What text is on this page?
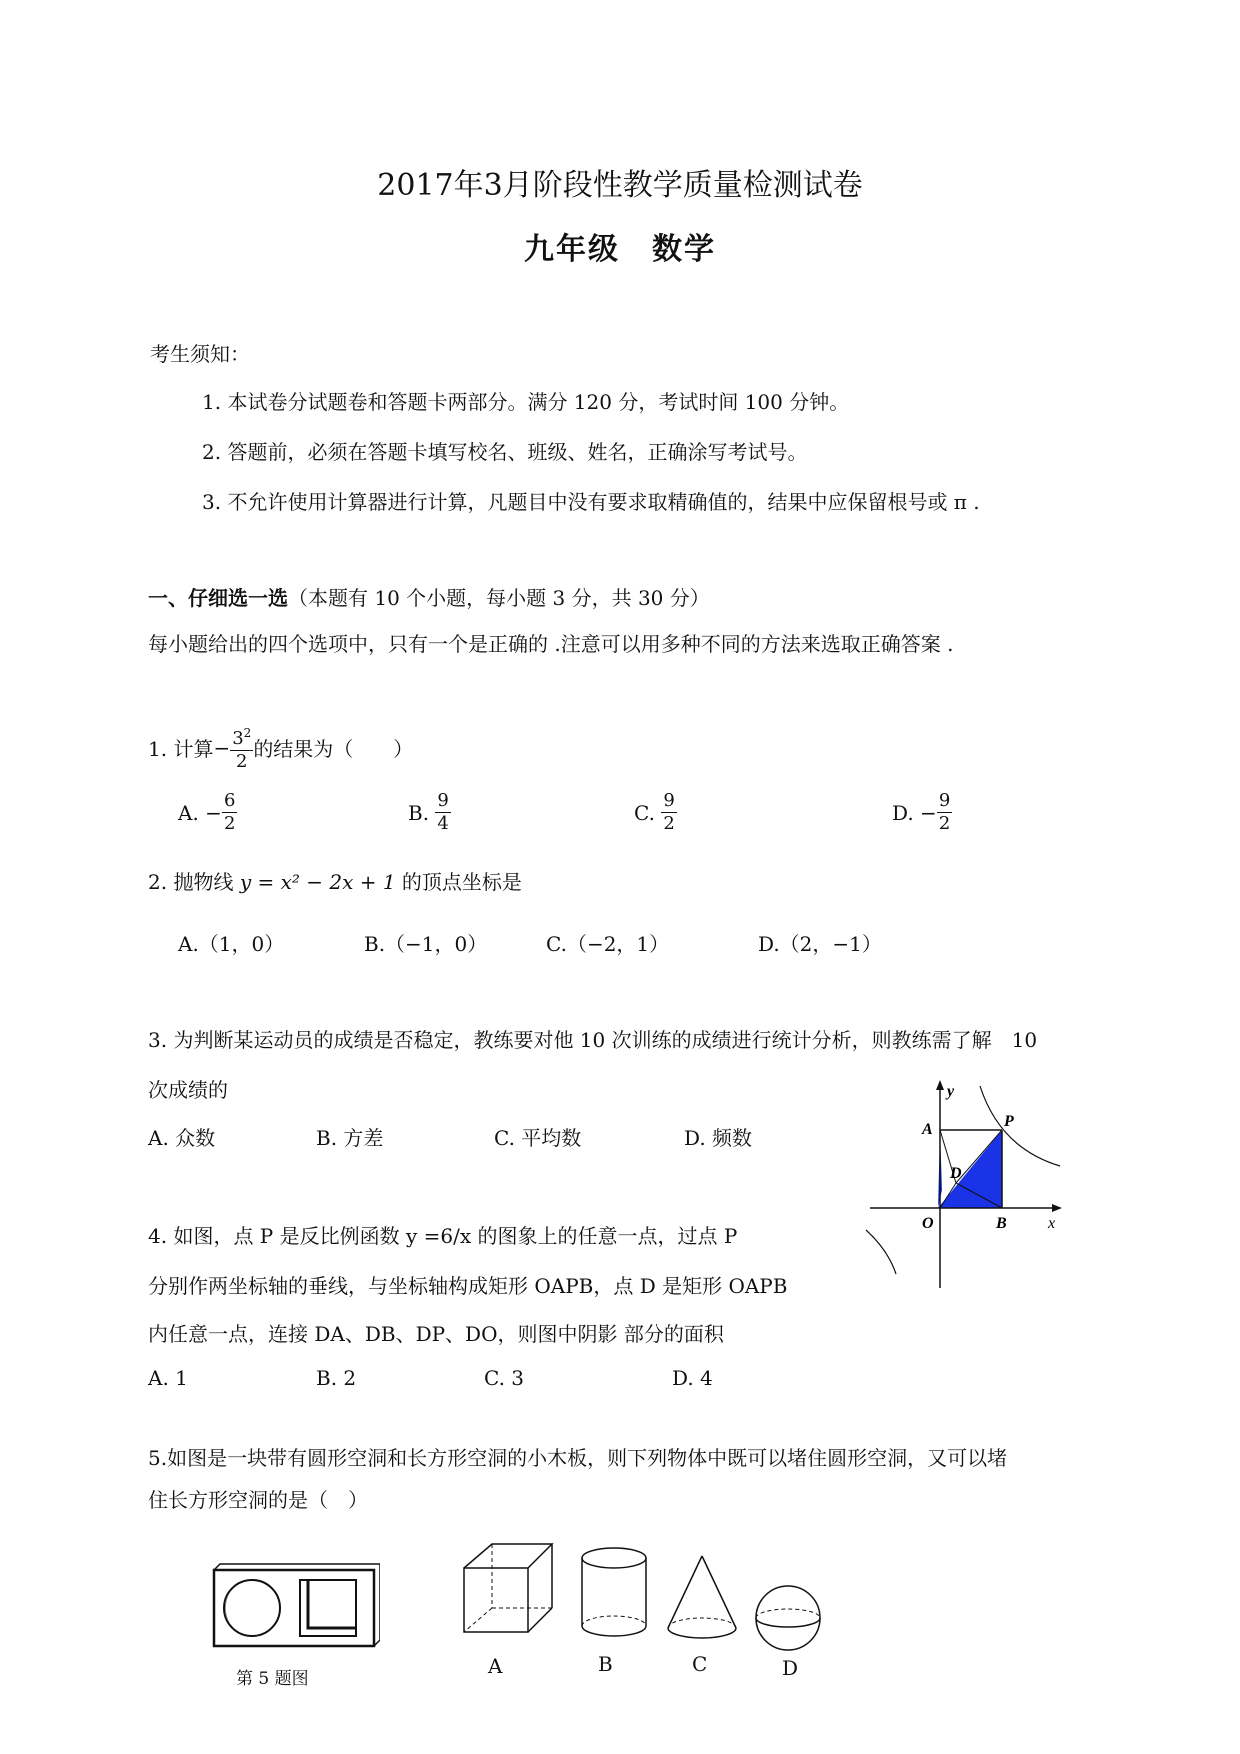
2017年3月阶段性教学质量检测试卷
九年级　数学
考生须知：
1. 本试卷分试题卷和答题卡两部分。满分 120 分，考试时间 100 分钟。
2. 答题前，必须在答题卡填写校名、班级、姓名，正确涂写考试号。
3. 不允许使用计算器进行计算，凡题目中没有要求取精确值的，结果中应保留根号或 π .
一、仔细选一选（本题有 10 个小题，每小题 3 分，共 30 分）
每小题给出的四个选项中，只有一个是正确的 .注意可以用多种不同的方法来选取正确答案 .
1. 计算 − $\frac{3^2}{2}$ 的结果为（　　）
A.
− $\frac{6}{2}$	B.
$\frac{9}{4}$	C.
$\frac{9}{2}$	D.
− $\frac{9}{2}$
2. 抛物线 y = x² − 2x + 1 的顶点坐标是
A.（1，0）	B.（−1，0）	C.（−2，1）	D.（2，−1）
3. 为判断某运动员的成绩是否稳定，教练要对他 10 次训练的成绩进行统计分析，则教练需了解　10
次成绩的
A. 众数	B. 方差	C. 平均数	D. 频数
y
A	P
D
O	B	x
4. 如图，点 P 是反比例函数 y =6/x 的图象上的任意一点，过点 P
分别作两坐标轴的垂线，与坐标轴构成矩形 OAPB，点 D 是矩形 OAPB
内任意一点，连接 DA、DB、DP、DO，则图中阴影 部分的面积
A. 1	B. 2	C. 3	D. 4
5.如图是一块带有圆形空洞和长方形空洞的小木板，则下列物体中既可以堵住圆形空洞，又可以堵
住长方形空洞的是（　）
第 5 题图
A	B	C	D
